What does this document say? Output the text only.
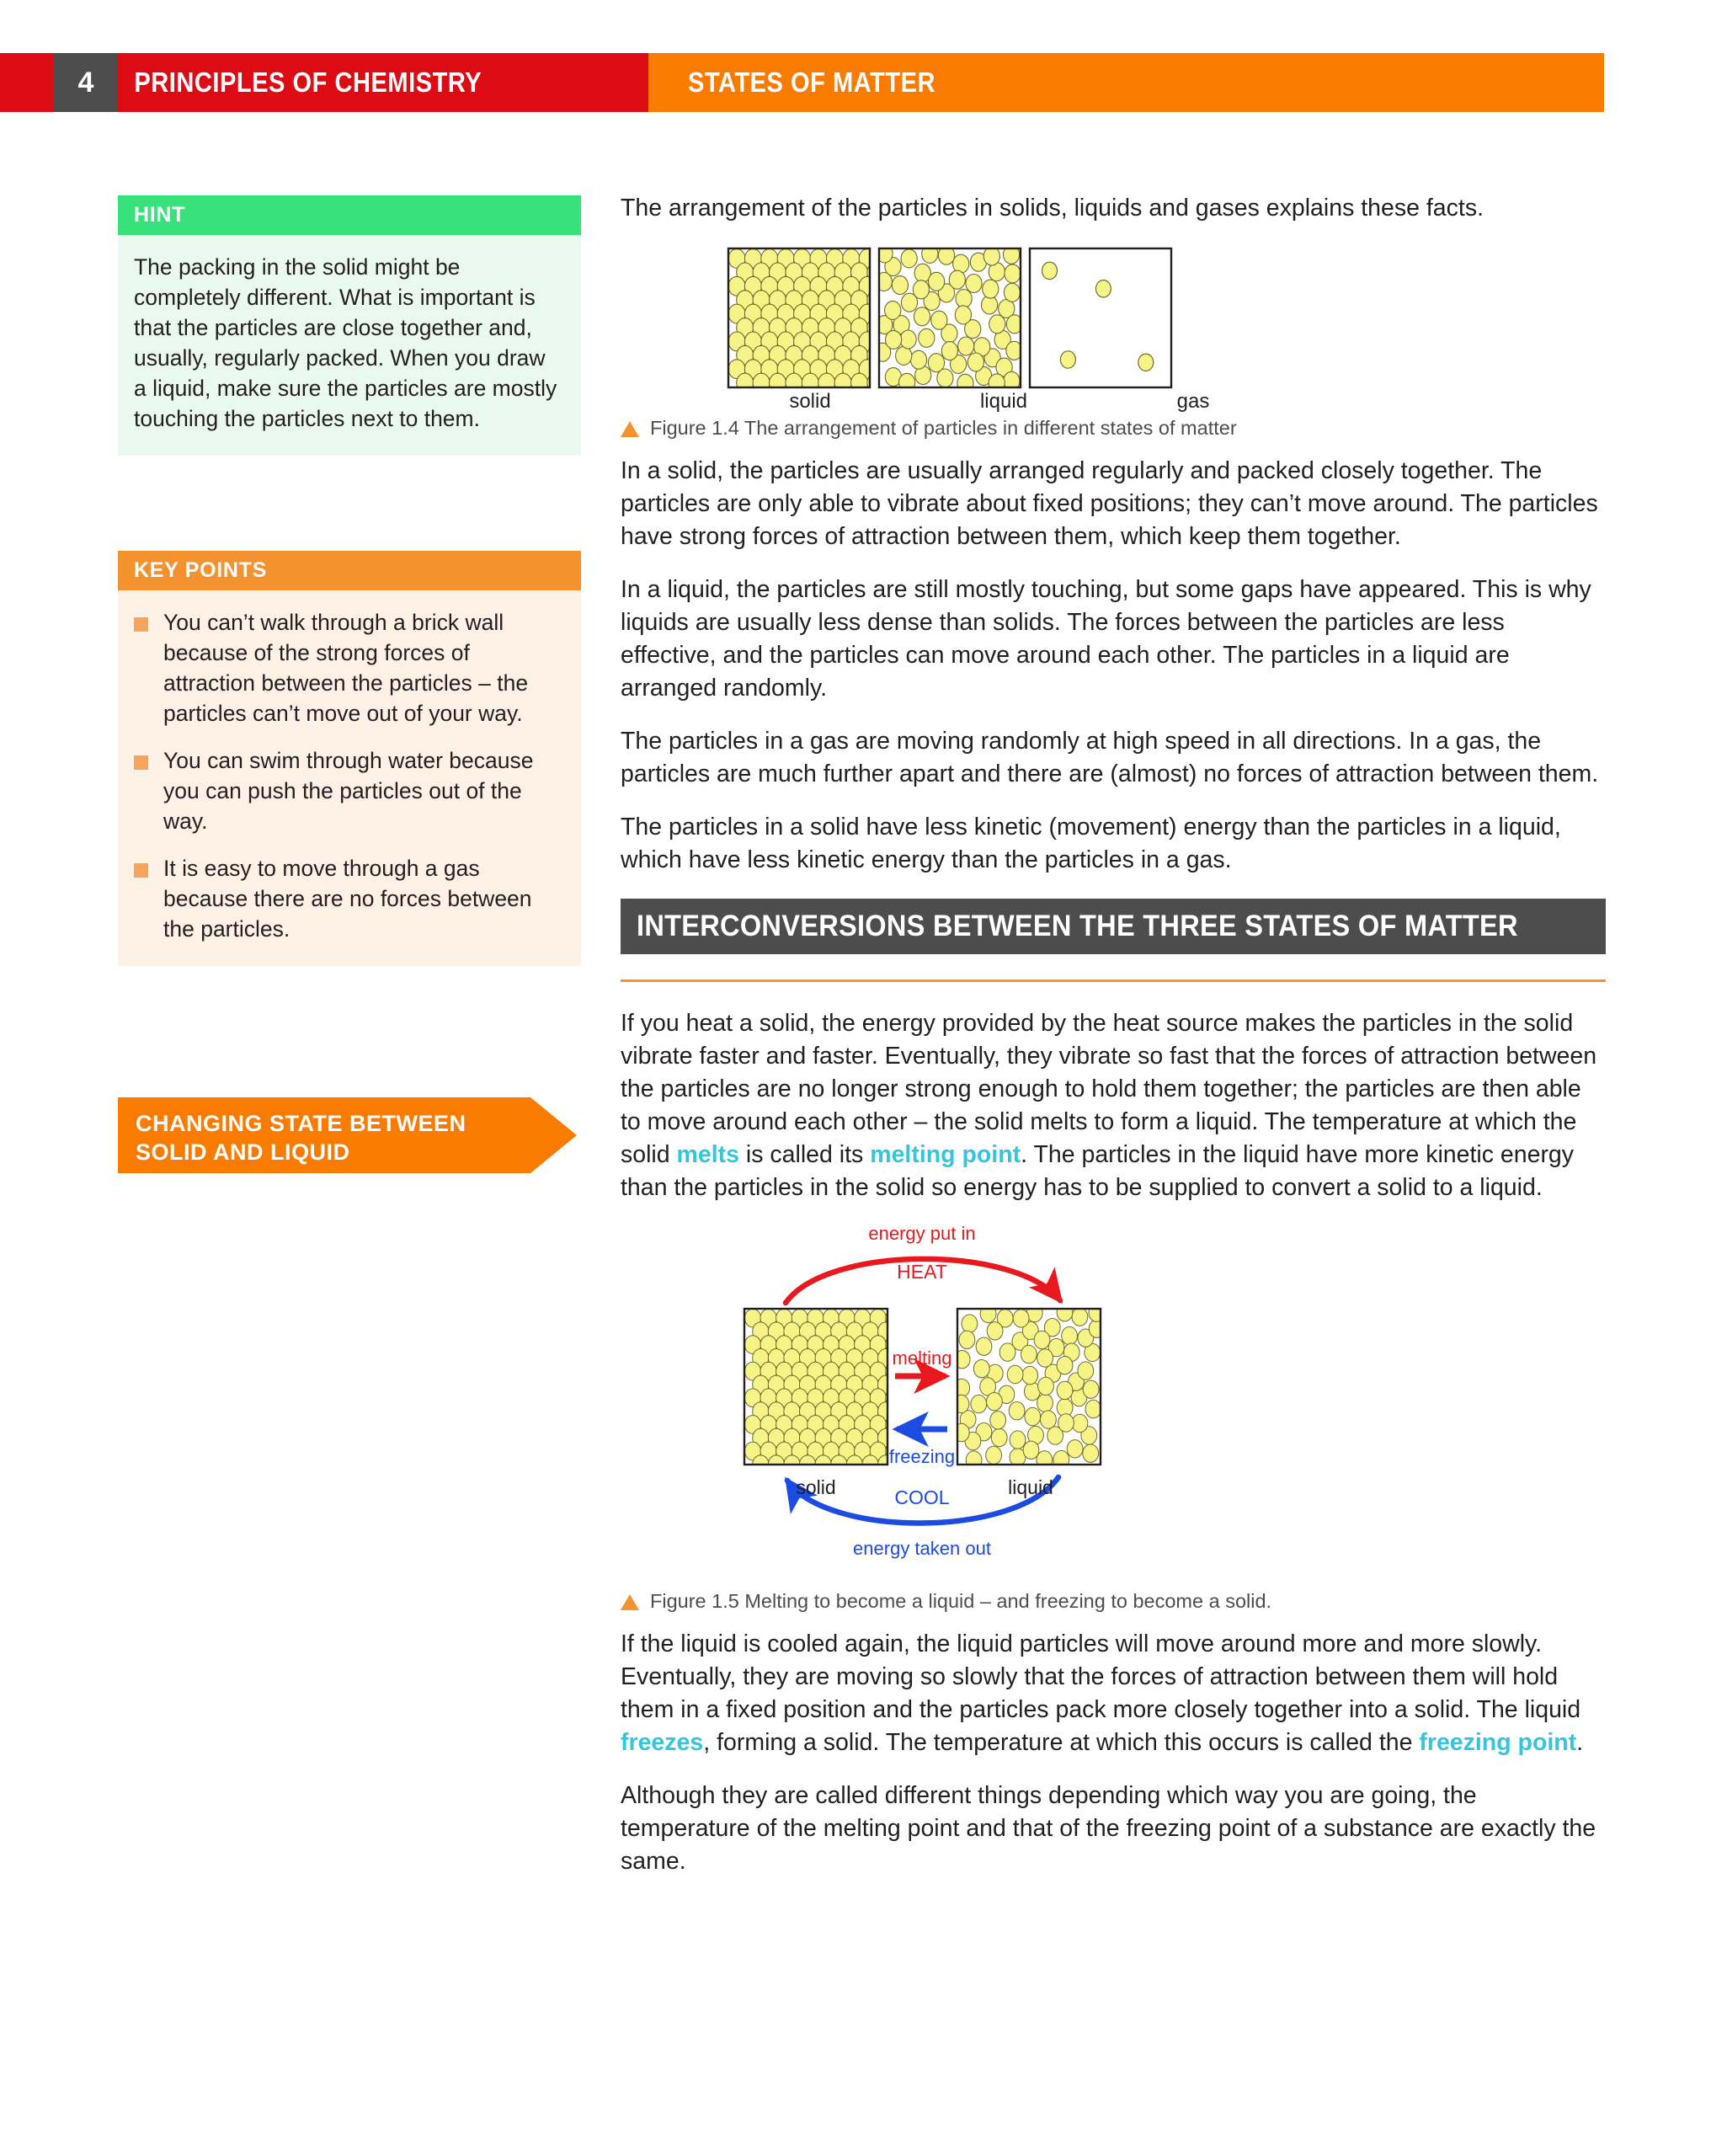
4	PRINCIPLES OF CHEMISTRY	STATES OF MATTER
HINT

The packing in the solid might be completely different. What is important is that the particles are close together and, usually, regularly packed. When you draw a liquid, make sure the particles are mostly touching the particles next to them.

KEY POINTS
You can’t walk through a brick wall because of the strong forces of attraction between the particles – the particles can’t move out of your way.
You can swim through water because you can push the particles out of the way.
It is easy to move through a gas because there are no forces between the particles.
CHANGING STATE BETWEEN SOLID AND LIQUID

The arrangement of the particles in solids, liquids and gases explains these facts.

solid	liquid	gas
Figure 1.4 The arrangement of particles in different states of matter

In a solid, the particles are usually arranged regularly and packed closely together. The particles are only able to vibrate about fixed positions; they can’t move around. The particles have strong forces of attraction between them, which keep them together.

In a liquid, the particles are still mostly touching, but some gaps have appeared. This is why liquids are usually less dense than solids. The forces between the particles are less effective, and the particles can move around each other. The particles in a liquid are arranged randomly.

The particles in a gas are moving randomly at high speed in all directions. In a gas, the particles are much further apart and there are (almost) no forces of attraction between them.

The particles in a solid have less kinetic (movement) energy than the particles in a liquid, which have less kinetic energy than the particles in a gas.

INTERCONVERSIONS BETWEEN THE THREE STATES OF MATTER

If you heat a solid, the energy provided by the heat source makes the particles in the solid vibrate faster and faster. Eventually, they vibrate so fast that the forces of attraction between the particles are no longer strong enough to hold them together; the particles are then able to move around each other – the solid melts to form a liquid. The temperature at which the solid melts is called its melting point. The particles in the liquid have more kinetic energy than the particles in the solid so energy has to be supplied to convert a solid to a liquid.

energy put in
HEAT
melting
freezing
COOL
energy taken out
solid	liquid
Figure 1.5 Melting to become a liquid – and freezing to become a solid.

If the liquid is cooled again, the liquid particles will move around more and more slowly. Eventually, they are moving so slowly that the forces of attraction between them will hold them in a fixed position and the particles pack more closely together into a solid. The liquid freezes, forming a solid. The temperature at which this occurs is called the freezing point.

Although they are called different things depending which way you are going, the temperature of the melting point and that of the freezing point of a substance are exactly the same.
